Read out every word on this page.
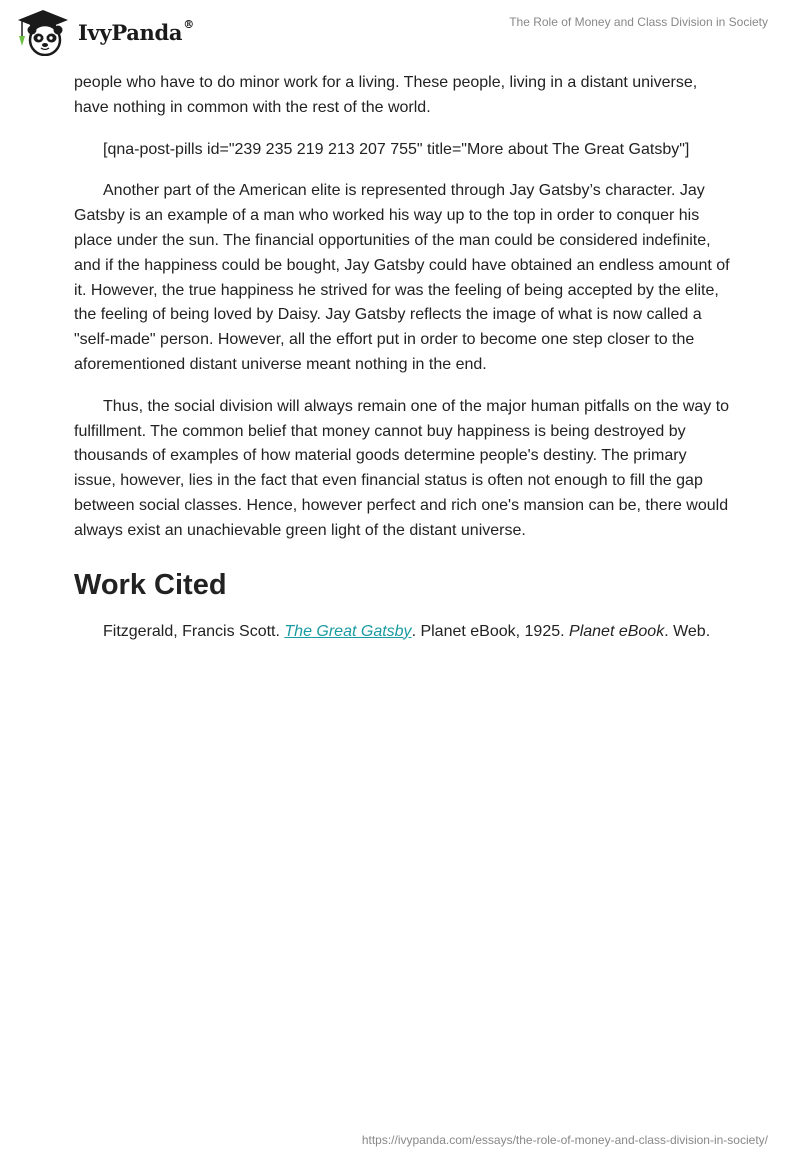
IvyPanda®	The Role of Money and Class Division in Society

people who have to do minor work for a living. These people, living in a distant universe, have nothing in common with the rest of the world.

[qna-post-pills id="239 235 219 213 207 755" title="More about The Great Gatsby"]

Another part of the American elite is represented through Jay Gatsby’s character. Jay Gatsby is an example of a man who worked his way up to the top in order to conquer his place under the sun. The financial opportunities of the man could be considered indefinite, and if the happiness could be bought, Jay Gatsby could have obtained an endless amount of it. However, the true happiness he strived for was the feeling of being accepted by the elite, the feeling of being loved by Daisy. Jay Gatsby reflects the image of what is now called a "self-made" person. However, all the effort put in order to become one step closer to the aforementioned distant universe meant nothing in the end.

Thus, the social division will always remain one of the major human pitfalls on the way to fulfillment. The common belief that money cannot buy happiness is being destroyed by thousands of examples of how material goods determine people's destiny. The primary issue, however, lies in the fact that even financial status is often not enough to fill the gap between social classes. Hence, however perfect and rich one's mansion can be, there would always exist an unachievable green light of the distant universe.

Work Cited

Fitzgerald, Francis Scott. The Great Gatsby. Planet eBook, 1925. Planet eBook. Web.

https://ivypanda.com/essays/the-role-of-money-and-class-division-in-society/
